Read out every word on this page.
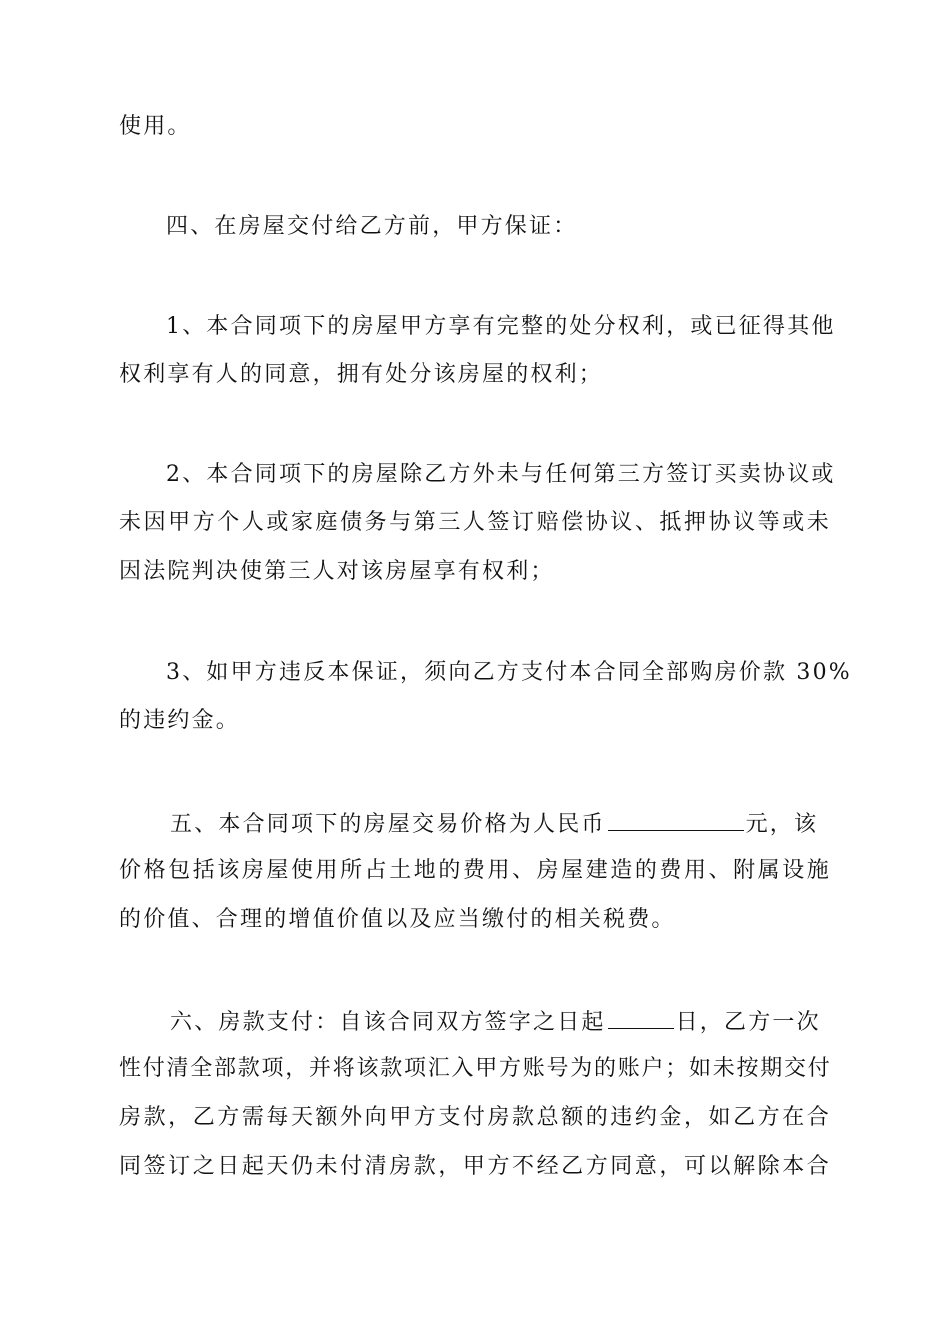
使用。

四、在房屋交付给乙方前，甲方保证：

1、本合同项下的房屋甲方享有完整的处分权利，或已征得其他

权利享有人的同意，拥有处分该房屋的权利；

2、本合同项下的房屋除乙方外未与任何第三方签订买卖协议或

未因甲方个人或家庭债务与第三人签订赔偿协议、抵押协议等或未

因法院判决使第三人对该房屋享有权利；

3、如甲方违反本保证，须向乙方支付本合同全部购房价款 30%

的违约金。

五、本合同项下的房屋交易价格为人民币	元，该

价格包括该房屋使用所占土地的费用、房屋建造的费用、附属设施

的价值、合理的增值价值以及应当缴付的相关税费。

六、房款支付：自该合同双方签字之日起	日，乙方一次

性付清全部款项，并将该款项汇入甲方账号为的账户；如未按期交付

房款，乙方需每天额外向甲方支付房款总额的违约金，如乙方在合

同签订之日起天仍未付清房款，甲方不经乙方同意，可以解除本合
